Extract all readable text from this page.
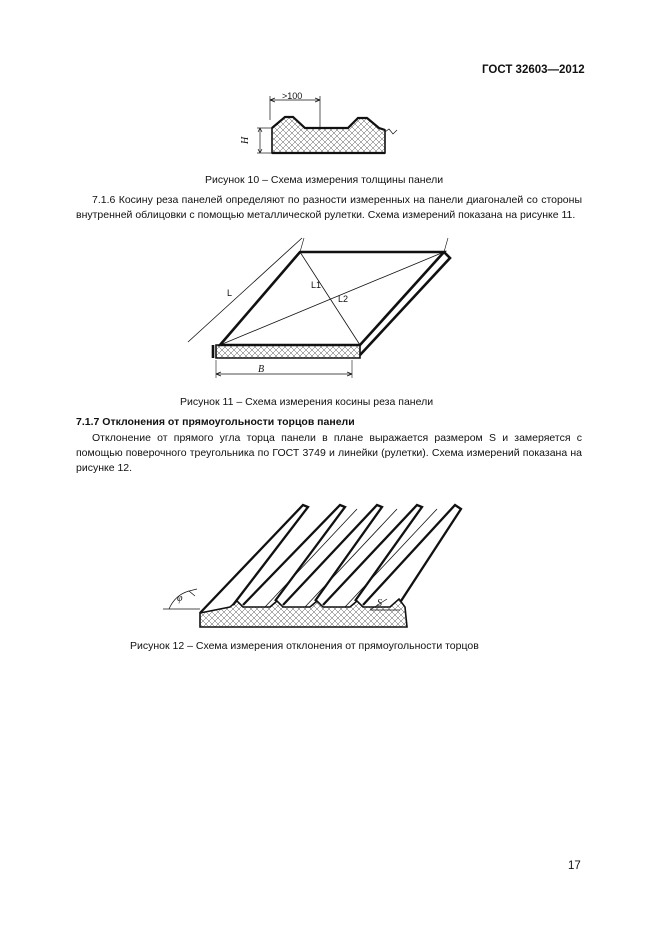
ГОСТ 32603—2012
>100
H
Рисунок 10 – Схема измерения толщины панели
7.1.6 Косину реза панелей определяют по разности измеренных на панели диагоналей со стороны внутренней облицовки с помощью металлической рулетки. Схема измерений показана на рисунке 11.
L
L1
L2
B
Рисунок 11 – Схема измерения косины реза панели
7.1.7 Отклонения от прямоугольности торцов панели
Отклонение от прямого угла торца панели в плане выражается размером S и замеряется с помощью поверочного треугольника по ГОСТ 3749 и линейки (рулетки). Схема измерений показана на рисунке 12.
φ	S
Рисунок 12 – Схема измерения отклонения от прямоугольности торцов
17
